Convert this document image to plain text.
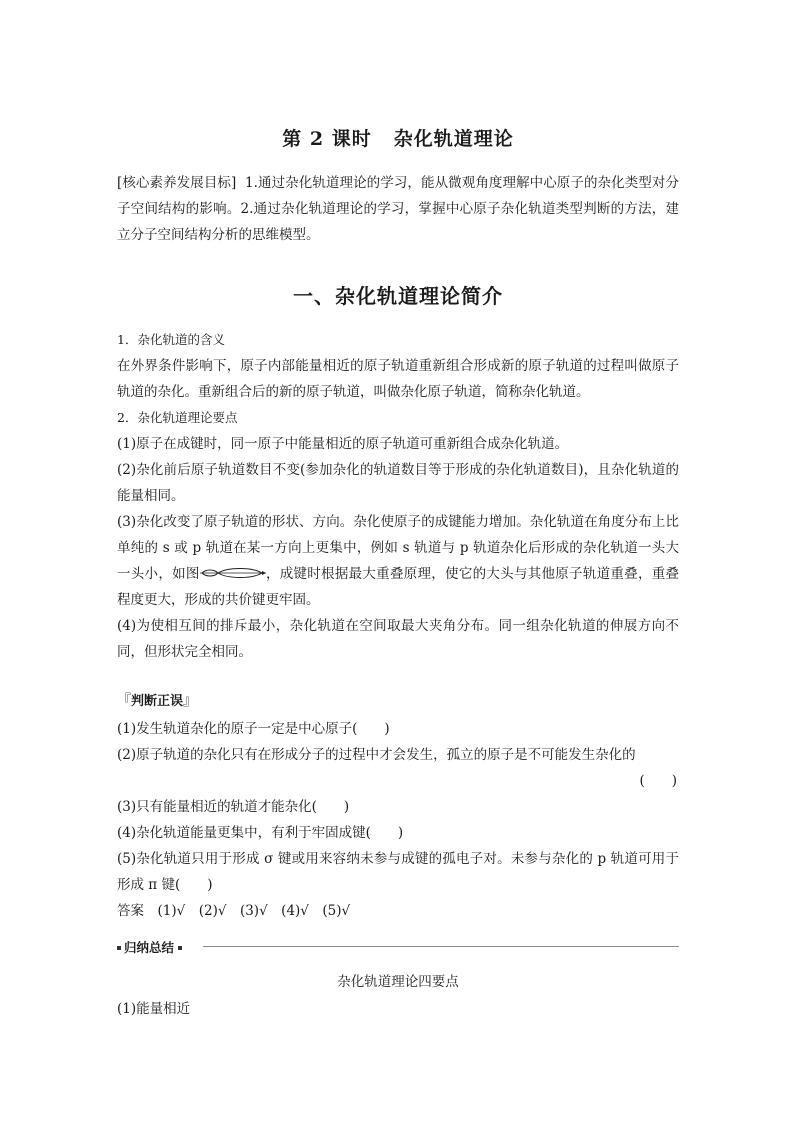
第 2 课时 杂化轨道理论
[核心素养发展目标] 1.通过杂化轨道理论的学习，能从微观角度理解中心原子的杂化类型对分子空间结构的影响。2.通过杂化轨道理论的学习，掌握中心原子杂化轨道类型判断的方法，建立分子空间结构分析的思维模型。
一、杂化轨道理论简介
1．杂化轨道的含义
在外界条件影响下，原子内部能量相近的原子轨道重新组合形成新的原子轨道的过程叫做原子轨道的杂化。重新组合后的新的原子轨道，叫做杂化原子轨道，简称杂化轨道。
2．杂化轨道理论要点
(1)原子在成键时，同一原子中能量相近的原子轨道可重新组合成杂化轨道。
(2)杂化前后原子轨道数目不变(参加杂化的轨道数目等于形成的杂化轨道数目)，且杂化轨道的能量相同。
(3)杂化改变了原子轨道的形状、方向。杂化使原子的成键能力增加。杂化轨道在角度分布上比单纯的 s 或 p 轨道在某一方向上更集中，例如 s 轨道与 p 轨道杂化后形成的杂化轨道一头大一头小，如图	，成键时根据最大重叠原理，使它的大头与其他原子轨道重叠，重叠程度更大，形成的共价键更牢固。
(4)为使相互间的排斥最小，杂化轨道在空间取最大夹角分布。同一组杂化轨道的伸展方向不同，但形状完全相同。
『判断正误』
(1)发生轨道杂化的原子一定是中心原子(　　)
(2)原子轨道的杂化只有在形成分子的过程中才会发生，孤立的原子是不可能发生杂化的
(　　)
(3)只有能量相近的轨道才能杂化(　　)
(4)杂化轨道能量更集中，有利于牢固成键(　　)
(5)杂化轨道只用于形成 σ 键或用来容纳未参与成键的孤电子对。未参与杂化的 p 轨道可用于形成 π 键(　　)
答案　(1)√　(2)√　(3)√　(4)√　(5)√
归纳总结
杂化轨道理论四要点
(1)能量相近
